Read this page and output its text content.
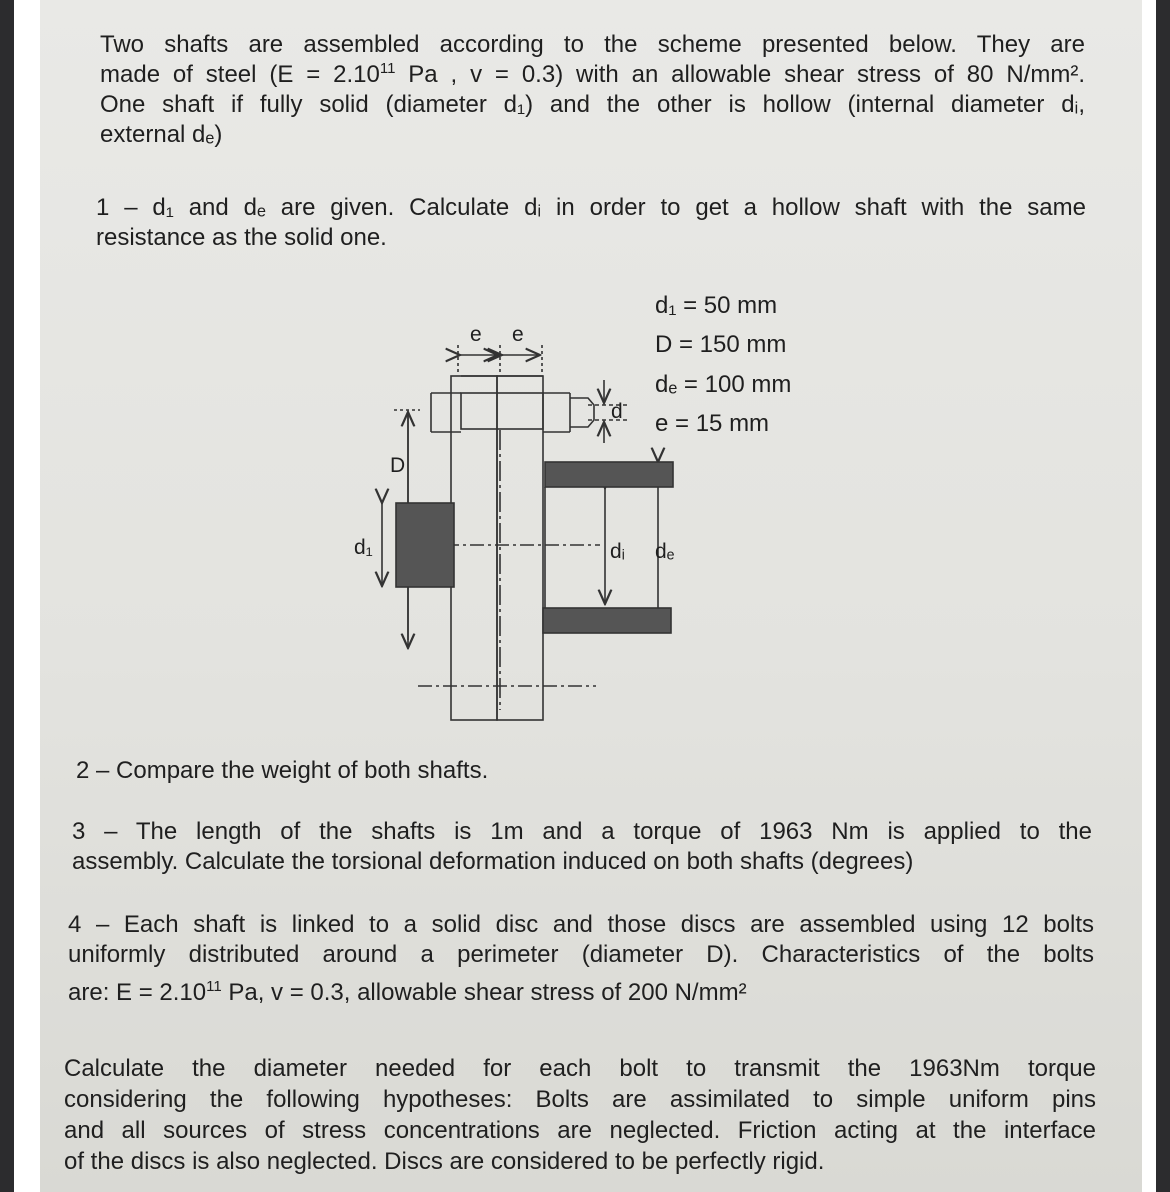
Two shafts are assembled according to the scheme presented below. They are
made of steel ($E = 2.10^{11}$ Pa , v = 0.3) with an allowable shear stress of 80 N/mm².
One shaft if fully solid (diameter d₁) and the other is hollow (internal diameter dᵢ,
external dₑ)
1 – d₁ and dₑ are given. Calculate dᵢ in order to get a hollow shaft with the same
resistance as the solid one.
d₁ = 50 mm
D = 150 mm
dₑ = 100 mm
e = 15 mm
e e
d
D
d₁	dᵢ dₑ
2 – Compare the weight of both shafts.
3 – The length of the shafts is 1m and a torque of 1963 Nm is applied to the
assembly. Calculate the torsional deformation induced on both shafts (degrees)
4 – Each shaft is linked to a solid disc and those discs are assembled using 12 bolts
uniformly distributed around a perimeter (diameter D). Characteristics of the bolts
are: $E = 2.10^{11}$ Pa, v = 0.3, allowable shear stress of 200 N/mm²
Calculate the diameter needed for each bolt to transmit the 1963Nm torque
considering the following hypotheses: Bolts are assimilated to simple uniform pins
and all sources of stress concentrations are neglected. Friction acting at the interface
of the discs is also neglected. Discs are considered to be perfectly rigid.
